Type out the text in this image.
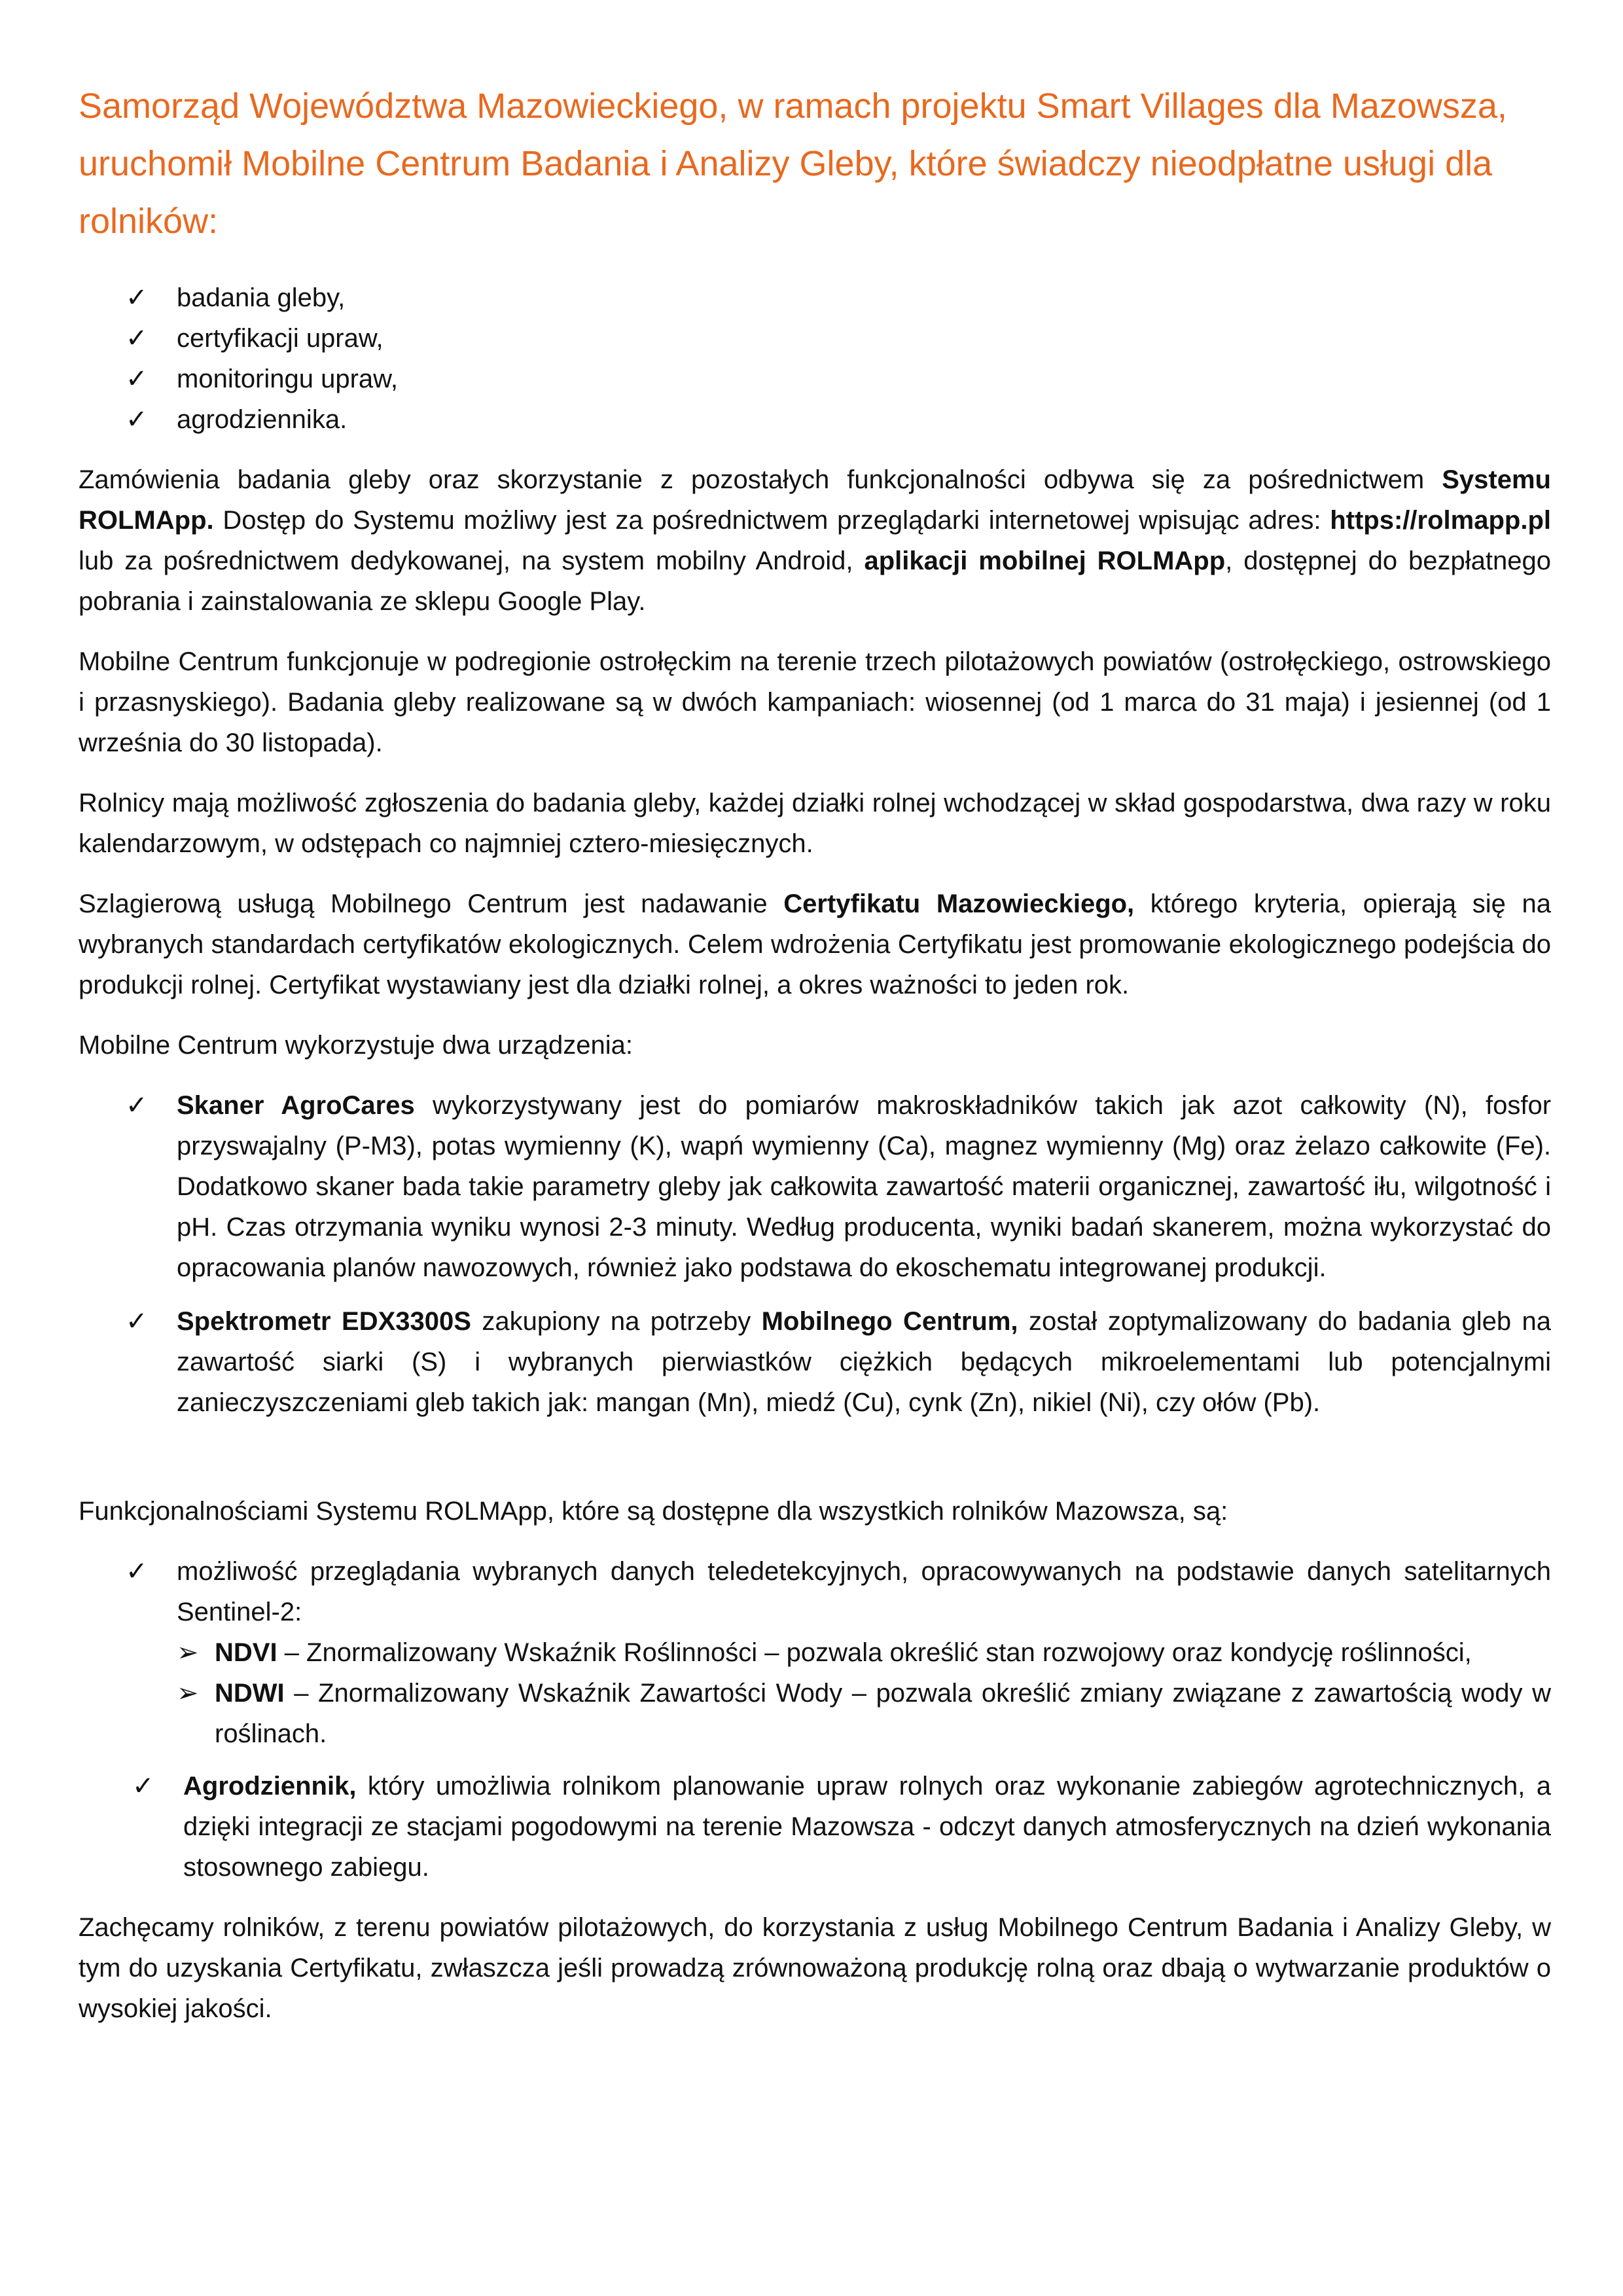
Samorząd Województwa Mazowieckiego, w ramach projektu Smart Villages dla Mazowsza, uruchomił Mobilne Centrum Badania i Analizy Gleby, które świadczy nieodpłatne usługi dla rolników:
✓ badania gleby,
✓ certyfikacji upraw,
✓ monitoringu upraw,
✓ agrodziennika.

Zamówienia badania gleby oraz skorzystanie z pozostałych funkcjonalności odbywa się za pośrednictwem Systemu ROLMApp. Dostęp do Systemu możliwy jest za pośrednictwem przeglądarki internetowej wpisując adres: https://rolmapp.pl lub za pośrednictwem dedykowanej, na system mobilny Android, aplikacji mobilnej ROLMApp, dostępnej do bezpłatnego pobrania i zainstalowania ze sklepu Google Play.

Mobilne Centrum funkcjonuje w podregionie ostrołęckim na terenie trzech pilotażowych powiatów (ostrołęckiego, ostrowskiego i przasnyskiego). Badania gleby realizowane są w dwóch kampaniach: wiosennej (od 1 marca do 31 maja) i jesiennej (od 1 września do 30 listopada).

Rolnicy mają możliwość zgłoszenia do badania gleby, każdej działki rolnej wchodzącej w skład gospodarstwa, dwa razy w roku kalendarzowym, w odstępach co najmniej cztero-miesięcznych.

Szlagierową usługą Mobilnego Centrum jest nadawanie Certyfikatu Mazowieckiego, którego kryteria, opierają się na wybranych standardach certyfikatów ekologicznych. Celem wdrożenia Certyfikatu jest promowanie ekologicznego podejścia do produkcji rolnej. Certyfikat wystawiany jest dla działki rolnej, a okres ważności to jeden rok.

Mobilne Centrum wykorzystuje dwa urządzenia:

✓ Skaner AgroCares wykorzystywany jest do pomiarów makroskładników takich jak azot całkowity (N), fosfor przyswajalny (P-M3), potas wymienny (K), wapń wymienny (Ca), magnez wymienny (Mg) oraz żelazo całkowite (Fe). Dodatkowo skaner bada takie parametry gleby jak całkowita zawartość materii organicznej, zawartość iłu, wilgotność i pH. Czas otrzymania wyniku wynosi 2-3 minuty. Według producenta, wyniki badań skanerem, można wykorzystać do opracowania planów nawozowych, również jako podstawa do ekoschematu integrowanej produkcji.
✓ Spektrometr EDX3300S zakupiony na potrzeby Mobilnego Centrum, został zoptymalizowany do badania gleb na zawartość siarki (S) i wybranych pierwiastków ciężkich będących mikroelementami lub potencjalnymi zanieczyszczeniami gleb takich jak: mangan (Mn), miedź (Cu), cynk (Zn), nikiel (Ni), czy ołów (Pb).

Funkcjonalnościami Systemu ROLMApp, które są dostępne dla wszystkich rolników Mazowsza, są:

✓ możliwość przeglądania wybranych danych teledetekcyjnych, opracowywanych na podstawie danych satelitarnych Sentinel-2:
➢ NDVI – Znormalizowany Wskaźnik Roślinności – pozwala określić stan rozwojowy oraz kondycję roślinności,
➢ NDWI – Znormalizowany Wskaźnik Zawartości Wody – pozwala określić zmiany związane z zawartością wody w roślinach.
✓ Agrodziennik, który umożliwia rolnikom planowanie upraw rolnych oraz wykonanie zabiegów agrotechnicznych, a dzięki integracji ze stacjami pogodowymi na terenie Mazowsza - odczyt danych atmosferycznych na dzień wykonania stosownego zabiegu.

Zachęcamy rolników, z terenu powiatów pilotażowych, do korzystania z usług Mobilnego Centrum Badania i Analizy Gleby, w tym do uzyskania Certyfikatu, zwłaszcza jeśli prowadzą zrównoważoną produkcję rolną oraz dbają o wytwarzanie produktów o wysokiej jakości.
